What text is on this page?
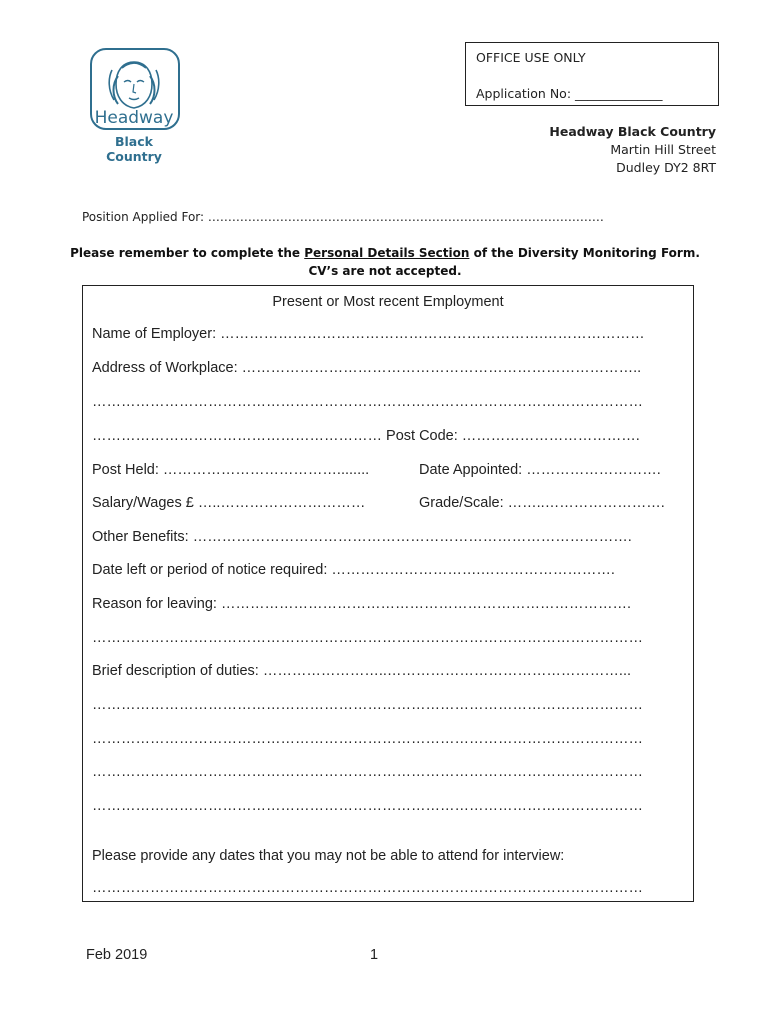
Headway
Black Country
OFFICE USE ONLY
Application No: ______________
Headway Black Country
Martin Hill Street
Dudley DY2 8RT
Position Applied For: ………………………………………………………………………………………
Please remember to complete the Personal Details Section of the Diversity Monitoring Form.
CV’s are not accepted.
Present or Most recent Employment
Name of Employer: ………………………………………………………….…………………
Address of Workplace: ………………………………………………………………………..
……………………………………………………………………………………………………
…………………………………………………… Post Code: ……………………………….
Post Held: ………………………………........	Date Appointed: ……………………….
Salary/Wages £ …..…………………………	Grade/Scale: ……..…………………….
Other Benefits: ……………………………………………………………………………….
Date left or period of notice required: ………………………….……………………….
Reason for leaving: ………………………………………………………………………….
……………………………………………………………………………………………………
Brief description of duties: ……………………..…………………………………………...
……………………………………………………………………………………………………
……………………………………………………………………………………………………
……………………………………………………………………………………………………
……………………………………………………………………………………………………
Please provide any dates that you may not be able to attend for interview:
……………………………………………………………………………………………………
Feb 2019	1
